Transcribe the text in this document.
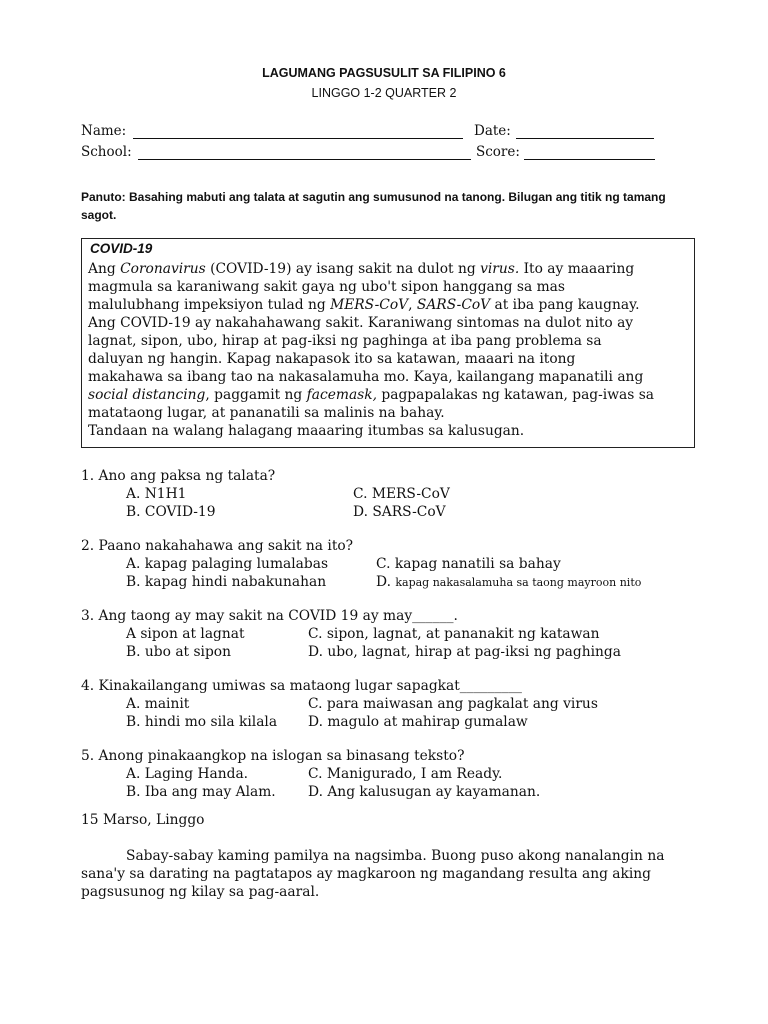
LAGUMANG PAGSUSULIT SA FILIPINO 6
LINGGO 1-2 QUARTER 2
Name:	Date:
School:	Score:
Panuto: Basahing mabuti ang talata at sagutin ang sumusunod na tanong. Bilugan ang titik ng tamang sagot.
COVID-19
Ang Coronavirus (COVID-19) ay isang sakit na dulot ng virus. Ito ay maaaring
magmula sa karaniwang sakit gaya ng ubo't sipon hanggang sa mas
malulubhang impeksiyon tulad ng MERS-CoV, SARS-CoV at iba pang kaugnay.
Ang COVID-19 ay nakahahawang sakit. Karaniwang sintomas na dulot nito ay
lagnat, sipon, ubo, hirap at pag-iksi ng paghinga at iba pang problema sa
daluyan ng hangin. Kapag nakapasok ito sa katawan, maaari na itong
makahawa sa ibang tao na nakasalamuha mo. Kaya, kailangang mapanatili ang
social distancing, paggamit ng facemask, pagpapalakas ng katawan, pag-iwas sa
matataong lugar, at pananatili sa malinis na bahay.
Tandaan na walang halagang maaaring itumbas sa kalusugan.
1. Ano ang paksa ng talata?
A. N1H1	C. MERS-CoV
B. COVID-19	D. SARS-CoV
2. Paano nakahahawa ang sakit na ito?
A. kapag palaging lumalabas	C. kapag nanatili sa bahay
B. kapag hindi nabakunahan	D. kapag nakasalamuha sa taong mayroon nito
3. Ang taong ay may sakit na COVID 19 ay may______.
A sipon at lagnat	C. sipon, lagnat, at pananakit ng katawan
B. ubo at sipon	D. ubo, lagnat, hirap at pag-iksi ng paghinga
4. Kinakailangang umiwas sa mataong lugar sapagkat_________
A. mainit	C. para maiwasan ang pagkalat ang virus
B. hindi mo sila kilala D. magulo at mahirap gumalaw
5. Anong pinakaangkop na islogan sa binasang teksto?
A. Laging Handa.	C. Manigurado, I am Ready.
B. Iba ang may Alam. D. Ang kalusugan ay kayamanan.
15 Marso, Linggo
Sabay-sabay kaming pamilya na nagsimba. Buong puso akong nanalangin na
sana'y sa darating na pagtatapos ay magkaroon ng magandang resulta ang aking
pagsusunog ng kilay sa pag-aaral.
